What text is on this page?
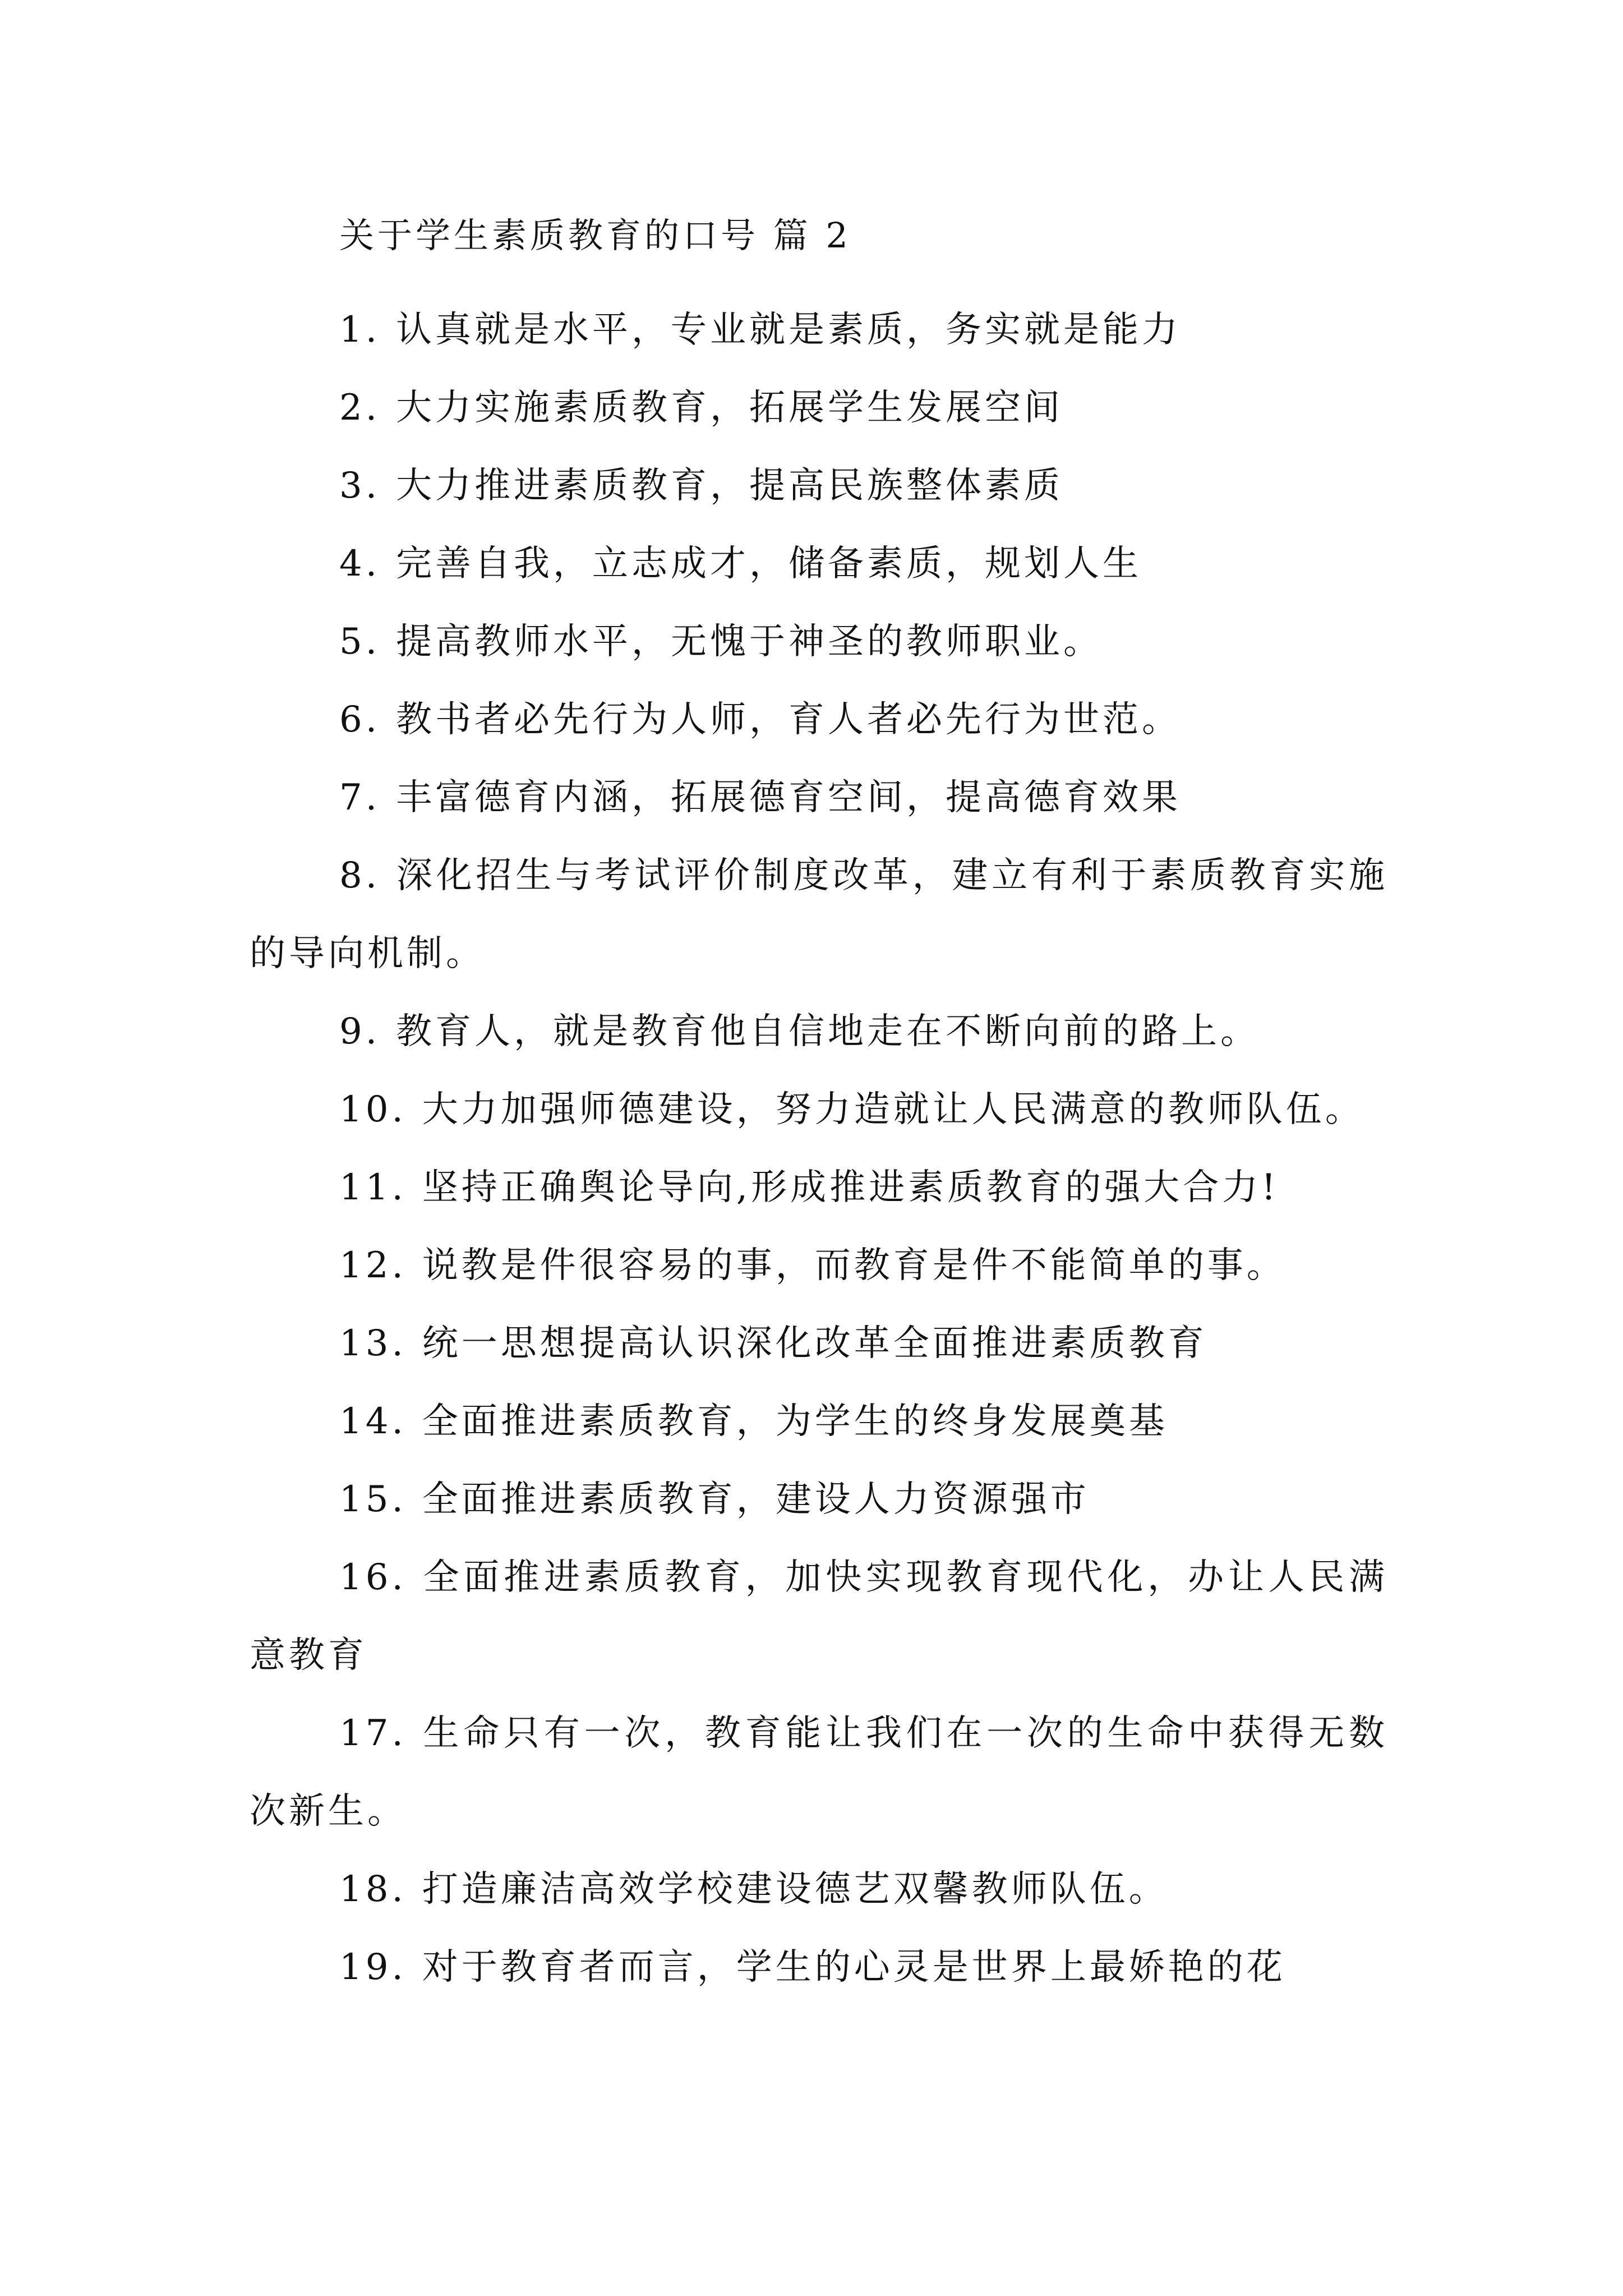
关于学生素质教育的口号 篇 2
1. 认真就是水平，专业就是素质，务实就是能力
2. 大力实施素质教育，拓展学生发展空间
3. 大力推进素质教育，提高民族整体素质
4. 完善自我，立志成才，储备素质，规划人生
5. 提高教师水平，无愧于神圣的教师职业。
6. 教书者必先行为人师，育人者必先行为世范。
7. 丰富德育内涵，拓展德育空间，提高德育效果
8. 深化招生与考试评价制度改革，建立有利于素质教育实施的导向机制。
9. 教育人，就是教育他自信地走在不断向前的路上。
10. 大力加强师德建设，努力造就让人民满意的教师队伍。
11. 坚持正确舆论导向,形成推进素质教育的强大合力!
12. 说教是件很容易的事，而教育是件不能简单的事。
13. 统一思想提高认识深化改革全面推进素质教育
14. 全面推进素质教育，为学生的终身发展奠基
15. 全面推进素质教育，建设人力资源强市
16. 全面推进素质教育，加快实现教育现代化，办让人民满意教育
17. 生命只有一次，教育能让我们在一次的生命中获得无数次新生。
18. 打造廉洁高效学校建设德艺双馨教师队伍。
19. 对于教育者而言，学生的心灵是世界上最娇艳的花
